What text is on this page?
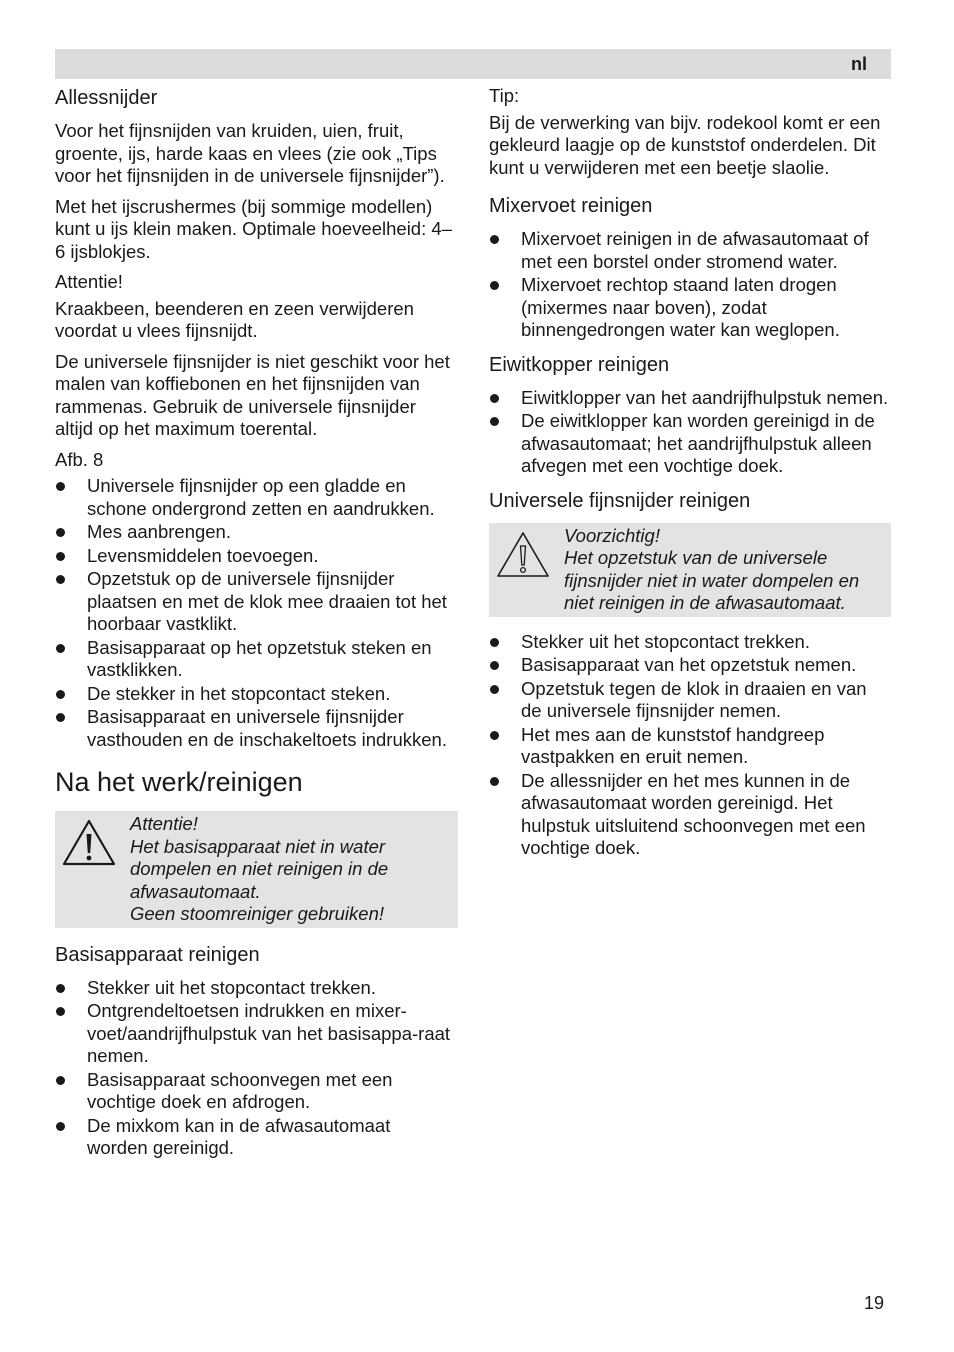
nl
Allessnijder

Voor het fijnsnijden van kruiden, uien, fruit, groente, ijs, harde kaas en vlees (zie ook „Tips voor het fijnsnijden in de universele fijnsnijder”).

Met het ijscrushermes (bij sommige modellen) kunt u ijs klein maken. Optimale hoeveelheid: 4–6 ijsblokjes.

Attentie!

Kraakbeen, beenderen en zeen verwijderen voordat u vlees fijnsnijdt.

De universele fijnsnijder is niet geschikt voor het malen van koffiebonen en het fijnsnijden van rammenas. Gebruik de universele fijnsnijder altijd op het maximum toerental.

Afb. 8

Universele fijnsnijder op een gladde en schone ondergrond zetten en aandrukken.
Mes aanbrengen.
Levensmiddelen toevoegen.
Opzetstuk op de universele fijnsnijder plaatsen en met de klok mee draaien tot het hoorbaar vastklikt.
Basisapparaat op het opzetstuk steken en vastklikken.
De stekker in het stopcontact steken.
Basisapparaat en universele fijnsnijder vasthouden en de inschakeltoets indrukken.
Na het werk/reinigen

Attentie!

Het basisapparaat niet in water dompelen en niet reinigen in de afwasautomaat.

Geen stoomreiniger gebruiken!

Basisapparaat reinigen
Stekker uit het stopcontact trekken.
Ontgrendeltoetsen indrukken en mixer-voet/aandrijfhulpstuk van het basisappa-raat nemen.
Basisapparaat schoonvegen met een vochtige doek en afdrogen.
De mixkom kan in de afwasautomaat worden gereinigd.

Tip:

Bij de verwerking van bijv. rodekool komt er een gekleurd laagje op de kunststof onderdelen. Dit kunt u verwijderen met een beetje slaolie.

Mixervoet reinigen
Mixervoet reinigen in de afwasautomaat of met een borstel onder stromend water.
Mixervoet rechtop staand laten drogen (mixermes naar boven), zodat binnengedrongen water kan weglopen.
Eiwitkopper reinigen
Eiwitklopper van het aandrijfhulpstuk nemen.
De eiwitklopper kan worden gereinigd in de afwasautomaat; het aandrijfhulpstuk alleen afvegen met een vochtige doek.
Universele fijnsnijder reinigen

Voorzichtig!

Het opzetstuk van de universele fijnsnijder niet in water dompelen en niet reinigen in de afwasautomaat.

Stekker uit het stopcontact trekken.
Basisapparaat van het opzetstuk nemen.
Opzetstuk tegen de klok in draaien en van de universele fijnsnijder nemen.
Het mes aan de kunststof handgreep vastpakken en eruit nemen.
De allessnijder en het mes kunnen in de afwasautomaat worden gereinigd. Het hulpstuk uitsluitend schoonvegen met een vochtige doek.
19
